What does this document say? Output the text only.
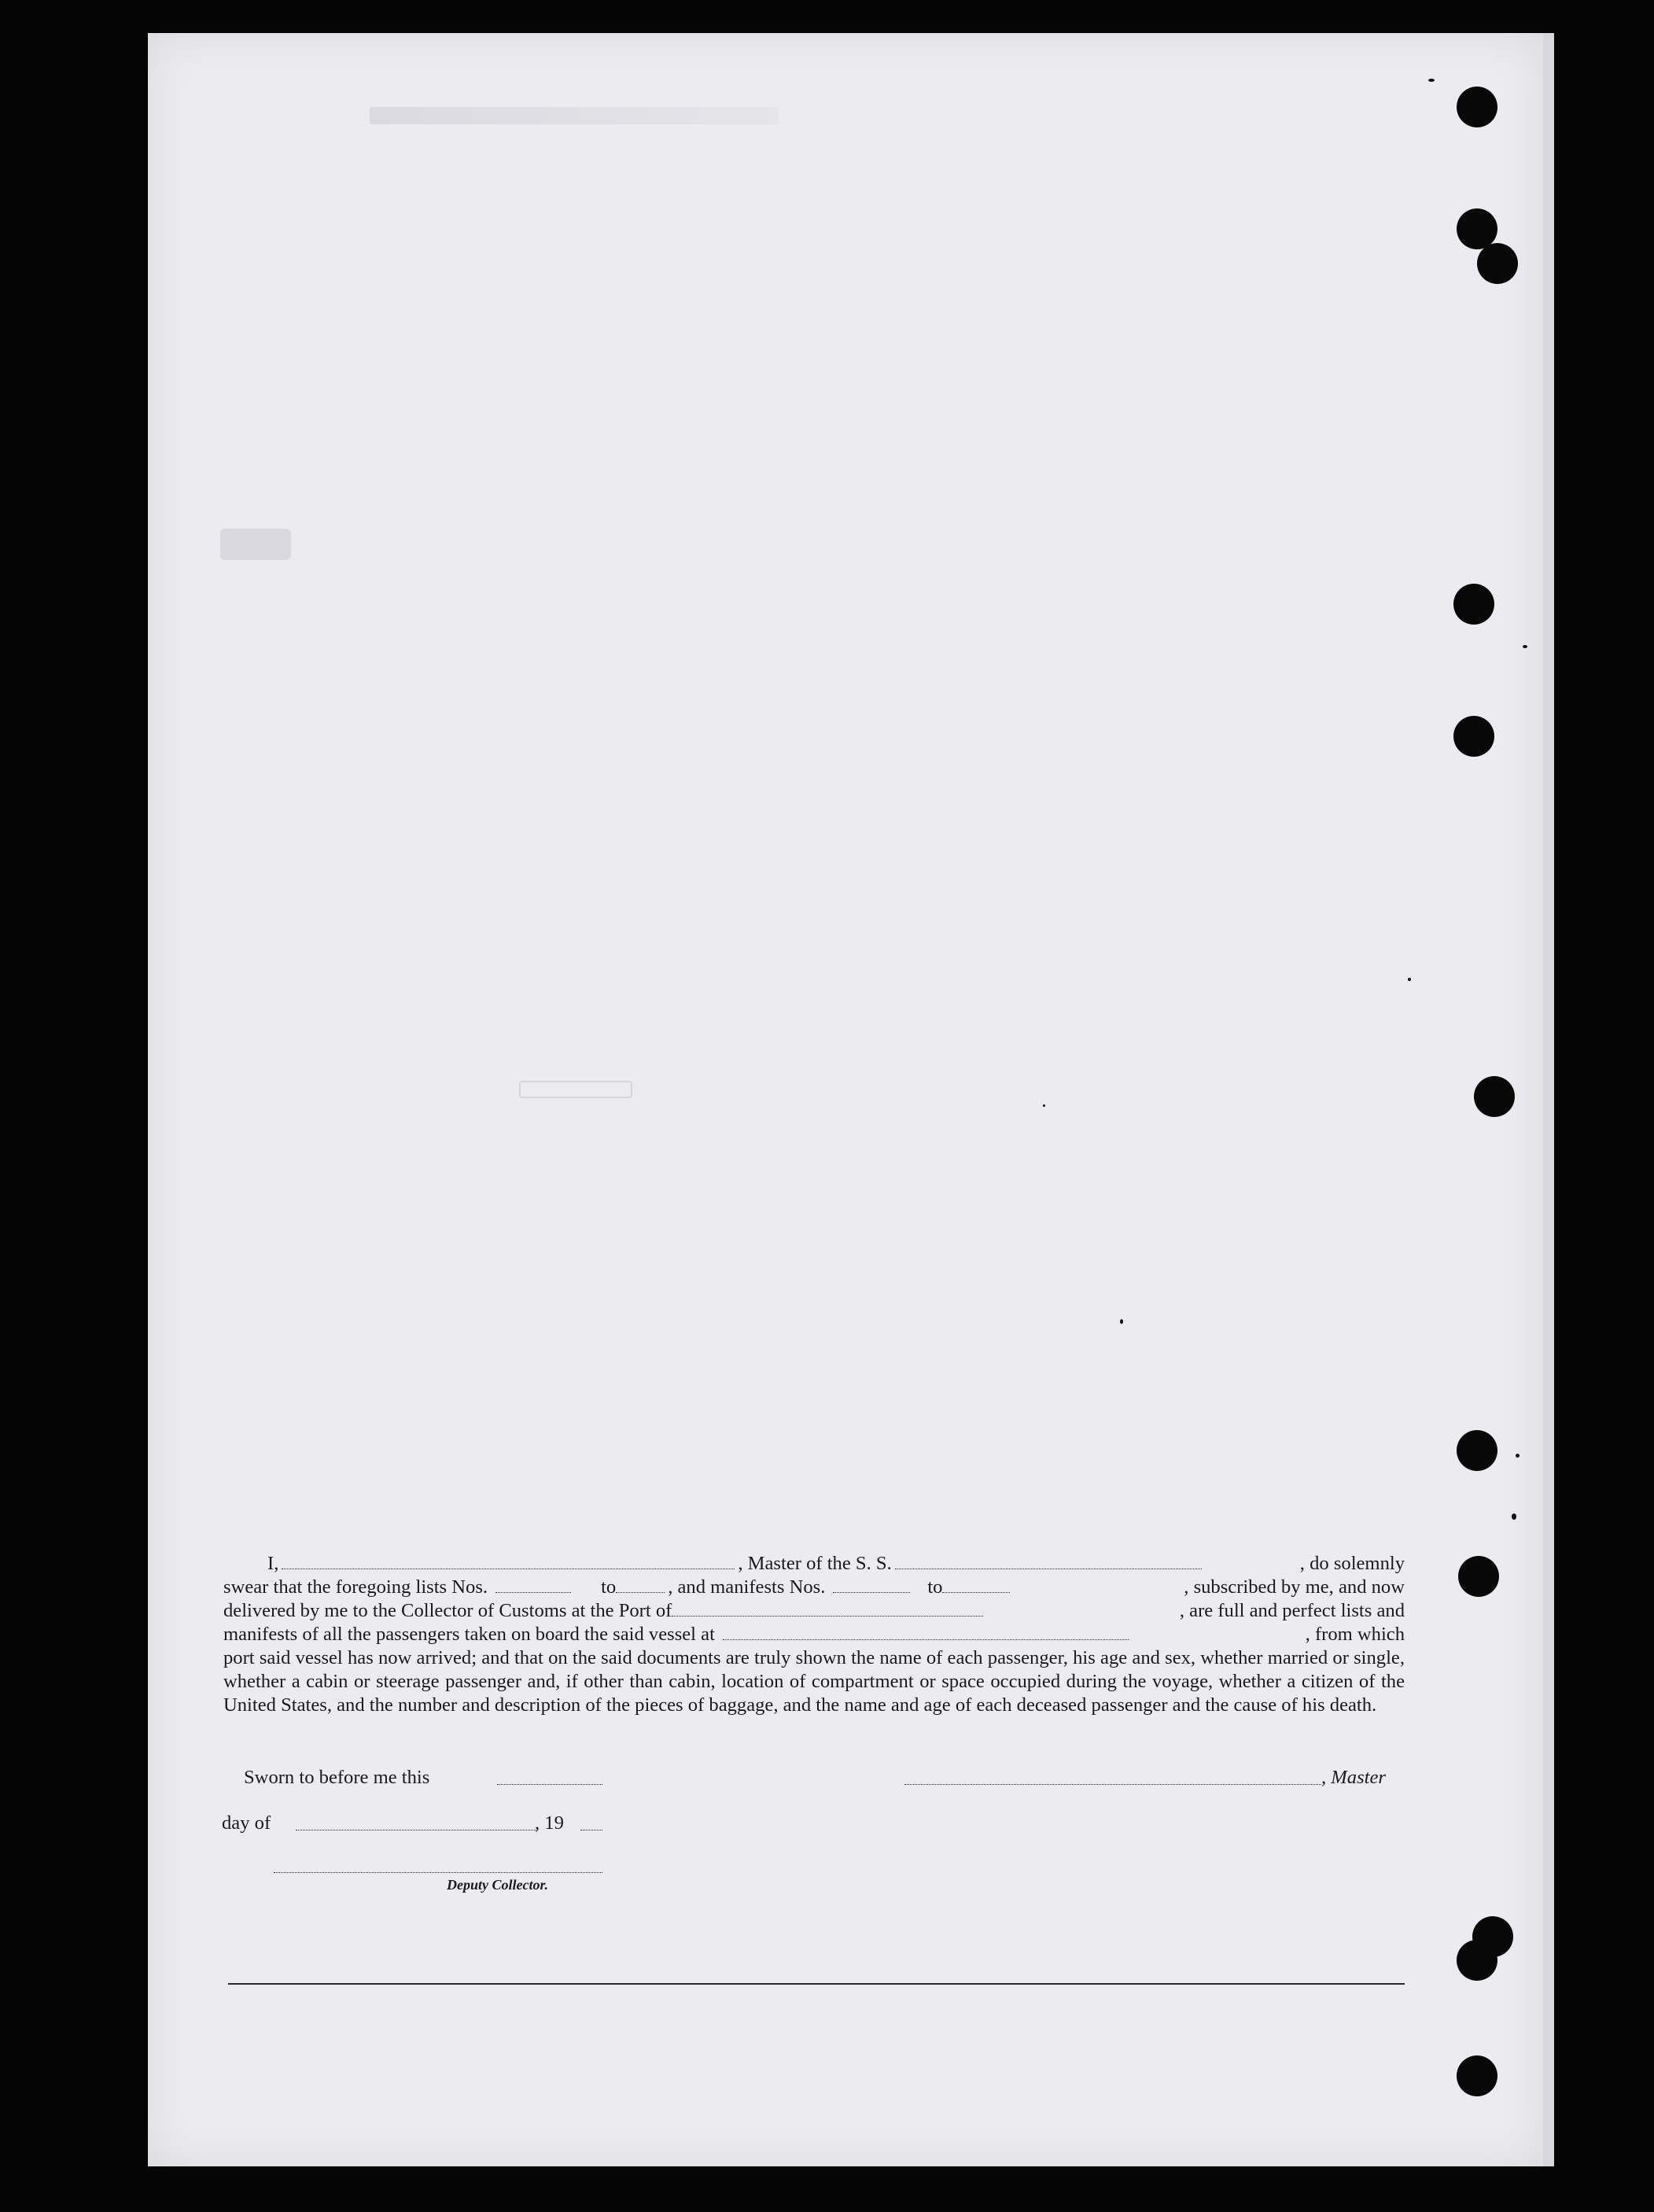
I,	, Master of the S. S.	, do solemnly
swear that the foregoing lists Nos.	to	, and manifests Nos.	to	, subscribed by me, and now
delivered by me to the Collector of Customs at the Port of	, are full and perfect lists and
manifests of all the passengers taken on board the said vessel at	, from which
port said vessel has now arrived; and that on the said documents are truly shown the name of each passenger, his age and sex, whether married or single, whether a cabin or steerage passenger and, if other than cabin, location of compartment or space occupied during the voyage, whether a citizen of the United States, and the number and description of the pieces of baggage, and the name and age of each deceased passenger and the cause of his death.
Sworn to before me this	, Master
day of	, 19
Deputy Collector.
